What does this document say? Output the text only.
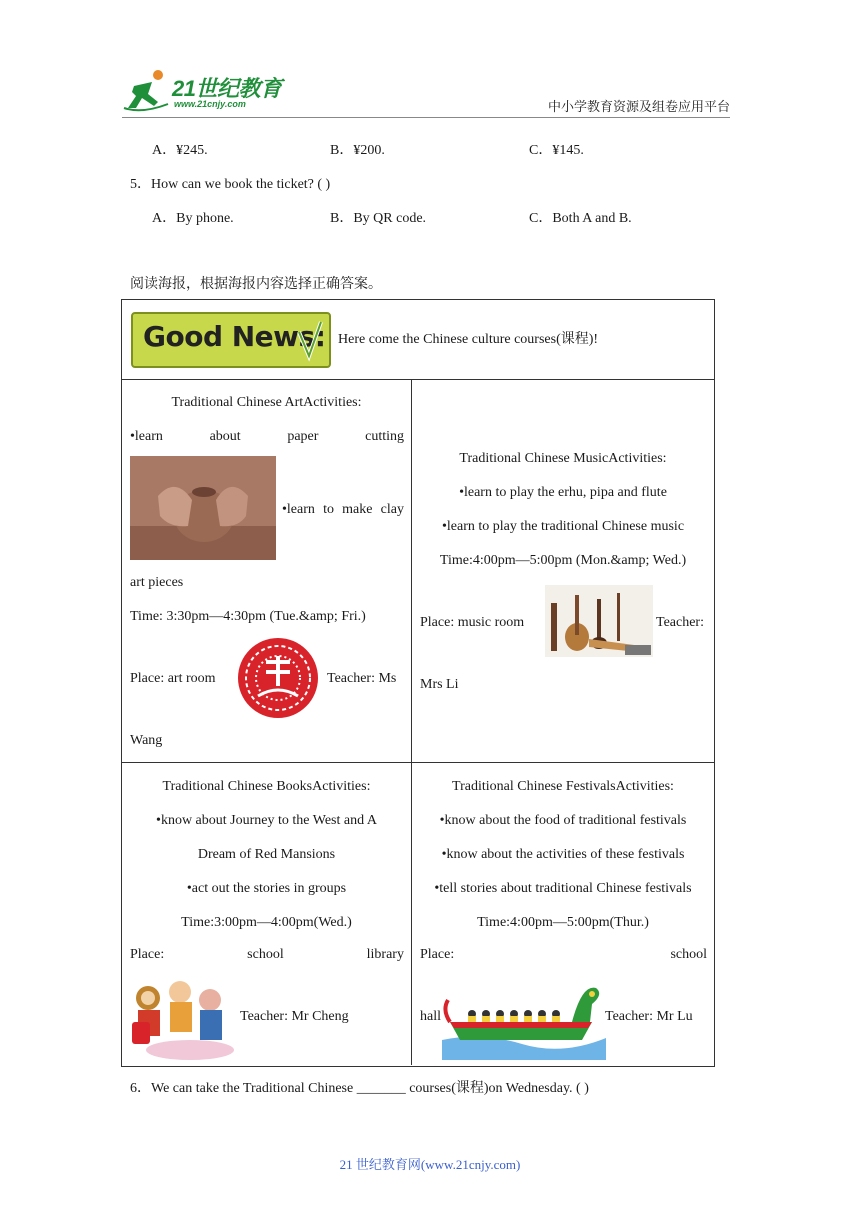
21世纪教育
www.21cnjy.com	中小学教育资源及组卷应用平台
A．¥245.	B．¥200.	C．¥145.
5．How can we book the ticket? ( )
A．By phone.	B．By QR code.	C．Both A and B.
阅读海报，根据海报内容选择正确答案。
Good News: Here come the Chinese culture courses(课程)!
Traditional Chinese ArtActivities:
•learn	about	paper	cutting
•learn to make clay
art pieces
Time: 3:30pm—4:30pm (Tue.&amp; Fri.)
Place: art room	Teacher: Ms
Wang
Traditional Chinese MusicActivities:
•learn to play the erhu, pipa and flute
•learn to play the traditional Chinese music
Time:4:00pm—5:00pm (Mon.&amp; Wed.)
Place: music room	Teacher:
Mrs Li
Traditional Chinese BooksActivities:
•know about Journey to the West and A
Dream of Red Mansions
•act out the stories in groups
Time:3:00pm—4:00pm(Wed.)
Place:	school	library
Teacher: Mr Cheng
Traditional Chinese FestivalsActivities:
•know about the food of traditional festivals
•know about the activities of these festivals
•tell stories about traditional Chinese festivals
Time:4:00pm—5:00pm(Thur.)
Place:	school
hall	Teacher: Mr Lu
6．We can take the Traditional Chinese _______ courses(课程)on Wednesday. ( )
21 世纪教育网(www.21cnjy.com)
